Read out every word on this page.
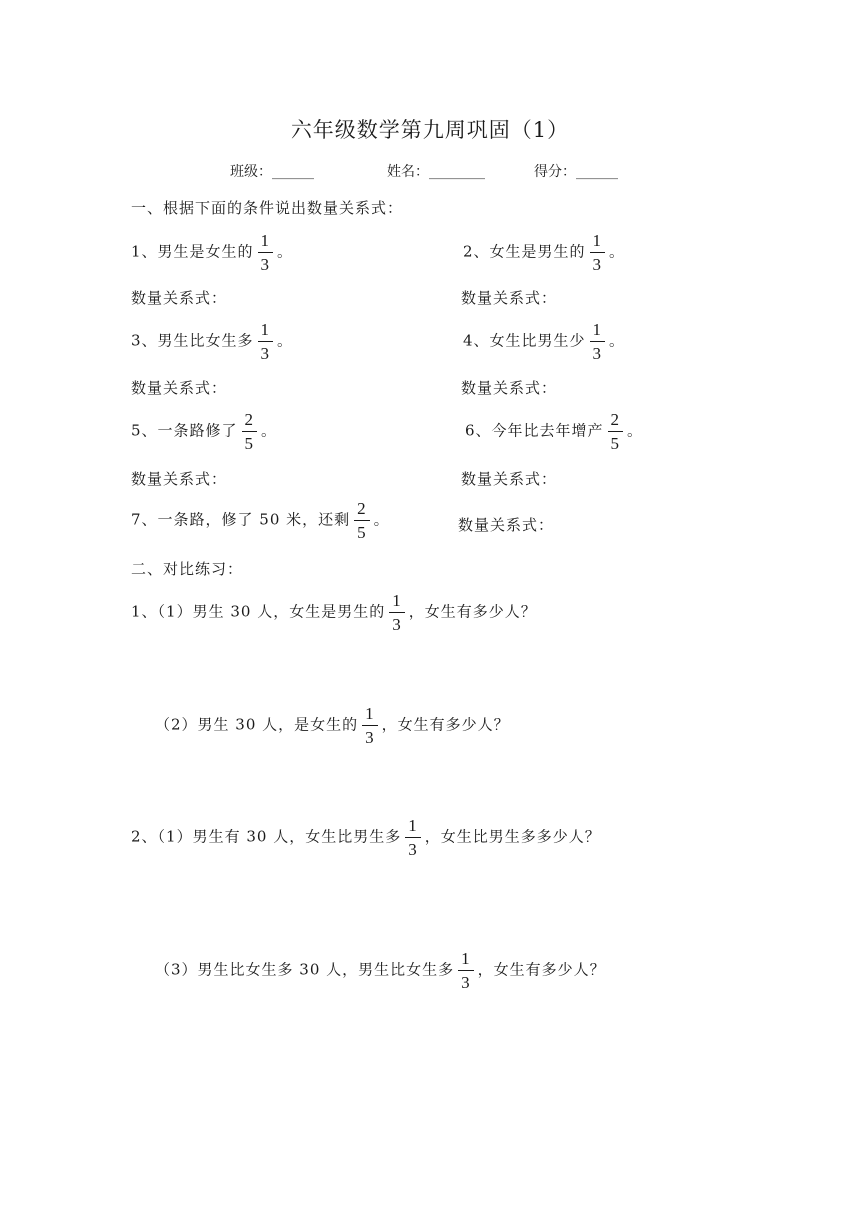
六年级数学第九周巩固（1）
班级：______	姓名：________	得分：______
一、根据下面的条件说出数量关系式：
1、男生是女生的 $\frac{1}{3}$ 。	2、女生是男生的 $\frac{1}{3}$ 。
数量关系式：	数量关系式：
3、男生比女生多 $\frac{1}{3}$ 。	4、女生比男生少 $\frac{1}{3}$ 。
数量关系式：	数量关系式：
5、一条路修了 $\frac{2}{5}$ 。	6、今年比去年增产 $\frac{2}{5}$ 。
数量关系式：	数量关系式：
7、一条路，修了 50 米，还剩 $\frac{2}{5}$ 。	数量关系式：
二、对比练习：
1、（1）男生 30 人，女生是男生的 $\frac{1}{3}$ ，女生有多少人？
（2）男生 30 人，是女生的 $\frac{1}{3}$ ，女生有多少人？
2、（1）男生有 30 人，女生比男生多 $\frac{1}{3}$ ，女生比男生多多少人？
（3）男生比女生多 30 人，男生比女生多 $\frac{1}{3}$ ，女生有多少人？
